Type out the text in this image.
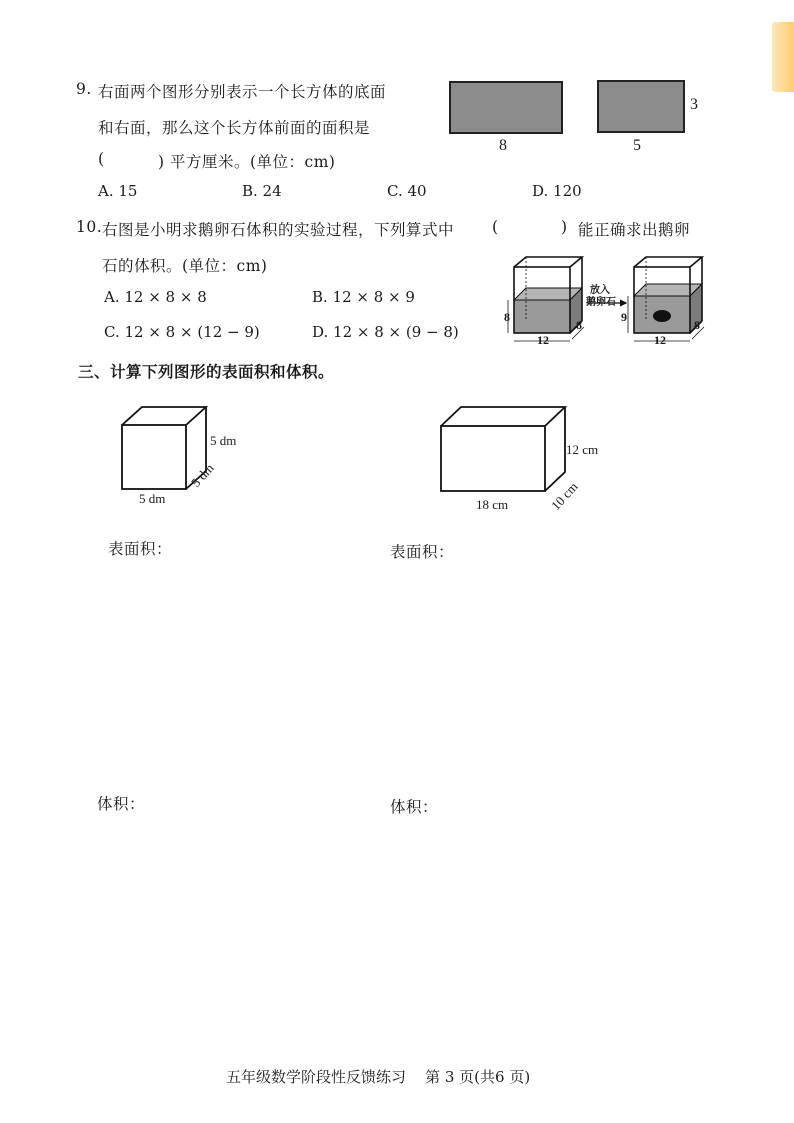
9. 右面两个图形分别表示一个长方体的底面
和右面，那么这个长方体前面的面积是
(	) 平方厘米。(单位：cm)
8	5
3
A. 15	B. 24	C. 40	D. 120
10. 右图是小明求鹅卵石体积的实验过程，下列算式中 (	) 能正确求出鹅卵
石的体积。(单位：cm)
A. 12 × 8 × 8	B. 12 × 8 × 9
C. 12 × 8 × (12 − 9)	D. 12 × 8 × (9 − 8)
放入
鹅卵石
8
12
8
9
12
8
三、计算下列图形的表面积和体积。
5 dm
5 dm
5 dm
12 cm
18 cm	10 cm
表面积：	表面积：
体积：	体积：
五年级数学阶段性反馈练习    第 3 页(共6 页)
